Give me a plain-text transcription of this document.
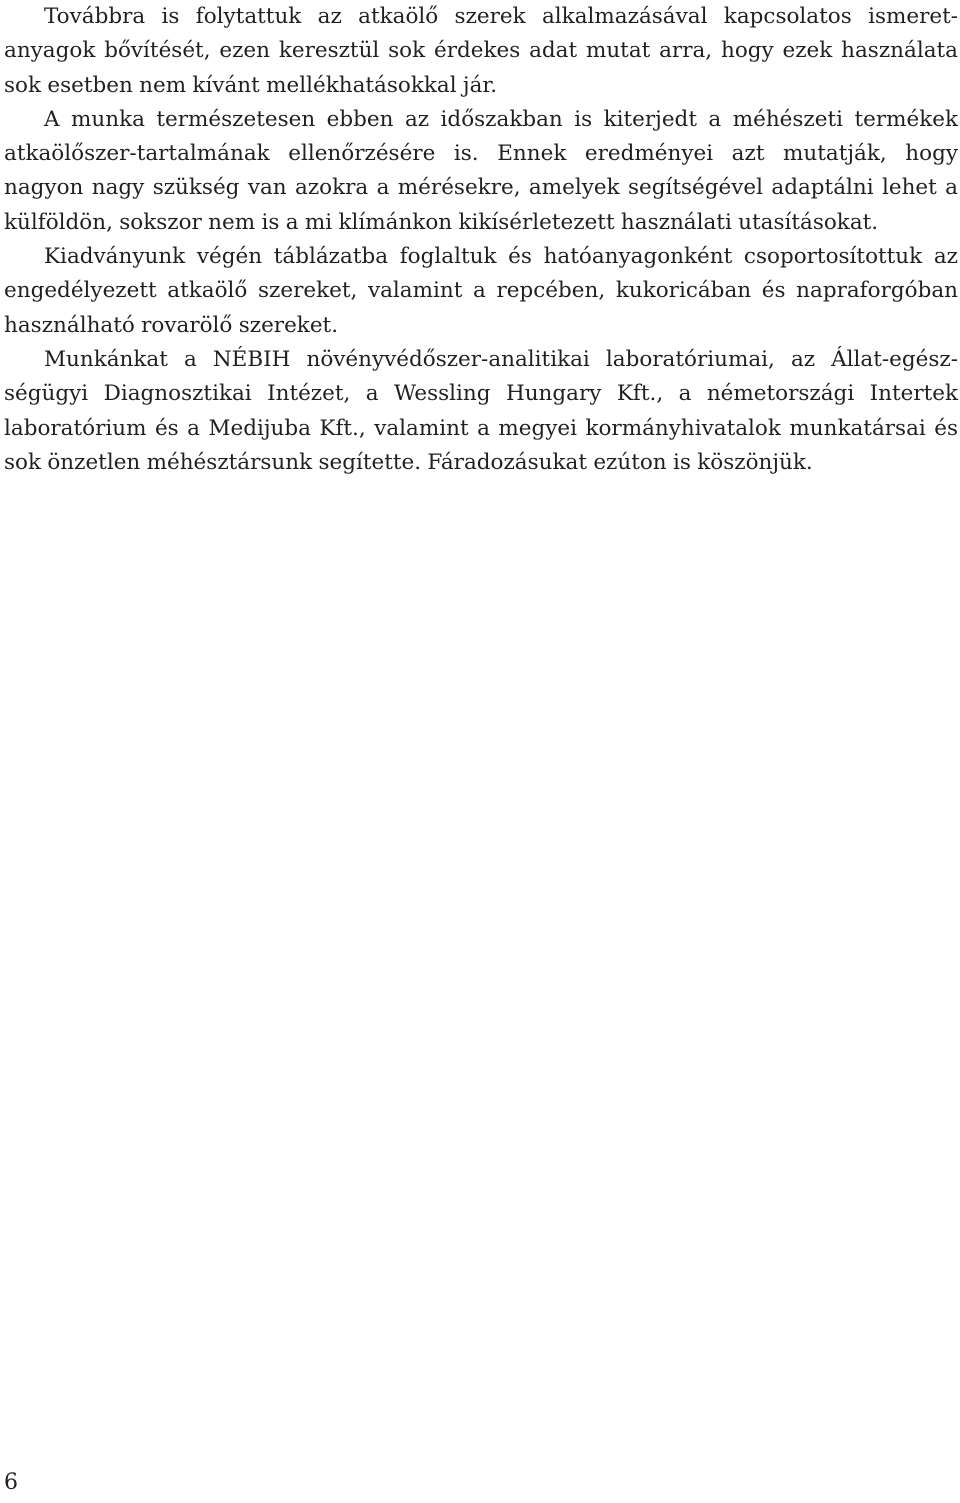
Továbbra is folytattuk az atkaölő szerek alkalmazásával kapcsolatos ismeretanyagok bővítését, ezen keresztül sok érdekes adat mutat arra, hogy ezek használata sok esetben nem kívánt mellékhatásokkal jár.

A munka természetesen ebben az időszakban is kiterjedt a méhészeti termékek atkaölőszer-tartalmának ellenőrzésére is. Ennek eredményei azt mutatják, hogy nagyon nagy szükség van azokra a mérésekre, amelyek segítségével adaptálni lehet a külföldön, sokszor nem is a mi klímánkon kikísérletezett használati utasításokat.

Kiadványunk végén táblázatba foglaltuk és hatóanyagonként csoportosítottuk az engedélyezett atkaölő szereket, valamint a repcében, kukoricában és napraforgóban használható rovarölő szereket.

Munkánkat a NÉBIH növényvédőszer-analitikai laboratóriumai, az Állat-egészségügyi Diagnosztikai Intézet, a Wessling Hungary Kft., a németországi Intertek laboratórium és a Medijuba Kft., valamint a megyei kormányhivatalok munkatársai és sok önzetlen méhésztársunk segítette. Fáradozásukat ezúton is köszönjük.

6
